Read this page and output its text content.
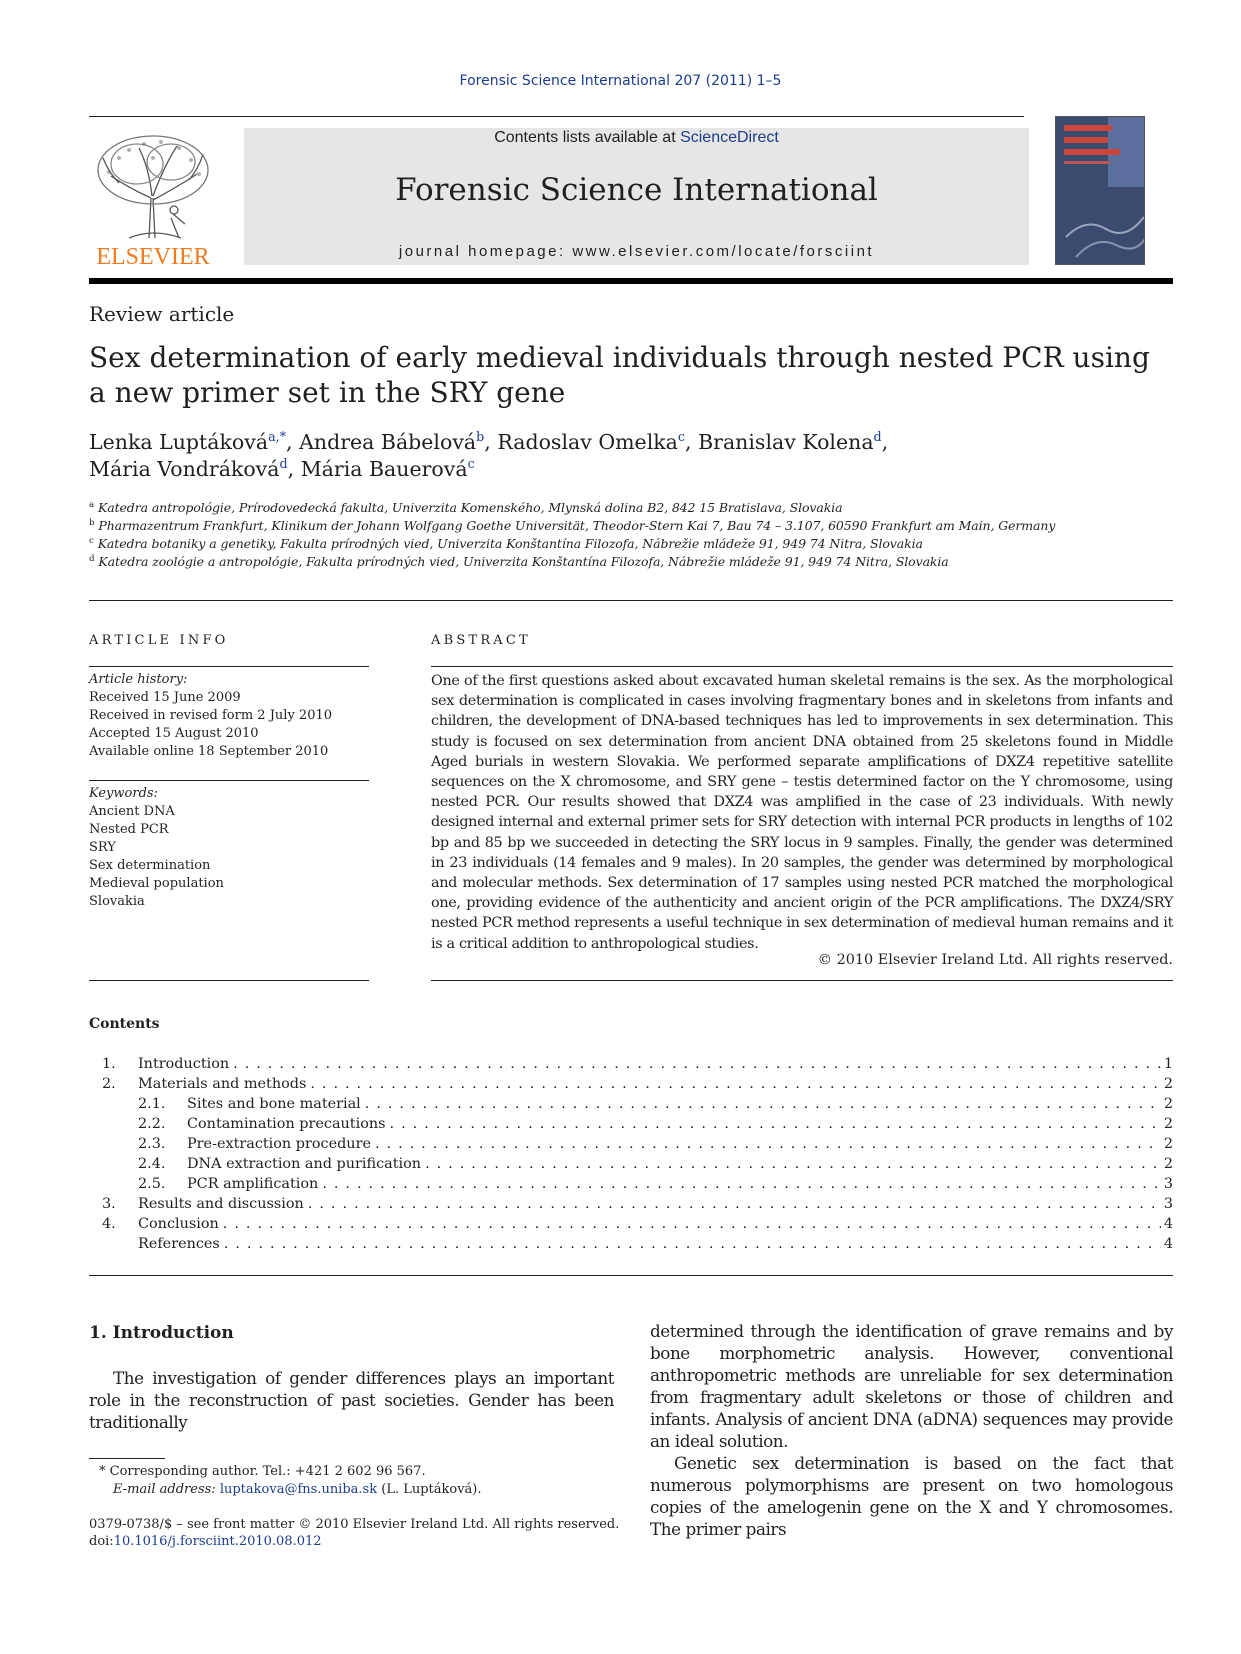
Forensic Science International 207 (2011) 1–5
ELSEVIER
Contents lists available at ScienceDirect
Forensic Science International
journal homepage: www.elsevier.com/locate/forsciint
Review article
Sex determination of early medieval individuals through nested PCR using
a new primer set in the SRY gene
Lenka Luptáková$^{a,*}$, Andrea Bábelová$^b$, Radoslav Omelka$^c$, Branislav Kolena$^d$,
Mária Vondráková$^d$, Mária Bauerová$^c$
$^a$ Katedra antropológie, Prírodovedecká fakulta, Univerzita Komenského, Mlynská dolina B2, 842 15 Bratislava, Slovakia
$^b$ Pharmazentrum Frankfurt, Klinikum der Johann Wolfgang Goethe Universität, Theodor-Stern Kai 7, Bau 74 – 3.107, 60590 Frankfurt am Main, Germany
$^c$ Katedra botaniky a genetiky, Fakulta prírodných vied, Univerzita Konštantína Filozofa, Nábrežie mládeže 91, 949 74 Nitra, Slovakia
$^d$ Katedra zoológie a antropológie, Fakulta prírodných vied, Univerzita Konštantína Filozofa, Nábrežie mládeže 91, 949 74 Nitra, Slovakia
ARTICLE INFO	ABSTRACT
Article history:
Received 15 June 2009
Received in revised form 2 July 2010
Accepted 15 August 2010
Available online 18 September 2010
Keywords:
Ancient DNA
Nested PCR
SRY
Sex determination
Medieval population
Slovakia
One of the first questions asked about excavated human skeletal remains is the sex. As the morphological sex determination is complicated in cases involving fragmentary bones and in skeletons from infants and children, the development of DNA-based techniques has led to improvements in sex determination. This study is focused on sex determination from ancient DNA obtained from 25 skeletons found in Middle Aged burials in western Slovakia. We performed separate amplifications of DXZ4 repetitive satellite sequences on the X chromosome, and SRY gene – testis determined factor on the Y chromosome, using nested PCR. Our results showed that DXZ4 was amplified in the case of 23 individuals. With newly designed internal and external primer sets for SRY detection with internal PCR products in lengths of 102 bp and 85 bp we succeeded in detecting the SRY locus in 9 samples. Finally, the gender was determined in 23 individuals (14 females and 9 males). In 20 samples, the gender was determined by morphological and molecular methods. Sex determination of 17 samples using nested PCR matched the morphological one, providing evidence of the authenticity and ancient origin of the PCR amplifications. The DXZ4/SRY nested PCR method represents a useful technique in sex determination of medieval human remains and it is a critical addition to anthropological studies.
© 2010 Elsevier Ireland Ltd. All rights reserved.
Contents
1. Introduction . . .	1
2. Materials and methods . . .	2
2.1. Sites and bone material . . .	2
2.2. Contamination precautions . . .	2
2.3. Pre-extraction procedure . . .	2
2.4. DNA extraction and purification . . .	2
2.5. PCR amplification . . .	3
3. Results and discussion . . .	3
4. Conclusion . . .	4
References . . .	4
1. Introduction
The investigation of gender differences plays an important role in the reconstruction of past societies. Gender has been traditionally

determined through the identification of grave remains and by bone morphometric analysis. However, conventional anthropometric methods are unreliable for sex determination from fragmentary adult skeletons or those of children and infants. Analysis of ancient DNA (aDNA) sequences may provide an ideal solution.

Genetic sex determination is based on the fact that numerous polymorphisms are present on two homologous copies of the amelogenin gene on the X and Y chromosomes. The primer pairs

* Corresponding author. Tel.: +421 2 602 96 567.
E-mail address: luptakova@fns.uniba.sk (L. Luptáková).
0379-0738/$ – see front matter © 2010 Elsevier Ireland Ltd. All rights reserved.
doi:10.1016/j.forsciint.2010.08.012
